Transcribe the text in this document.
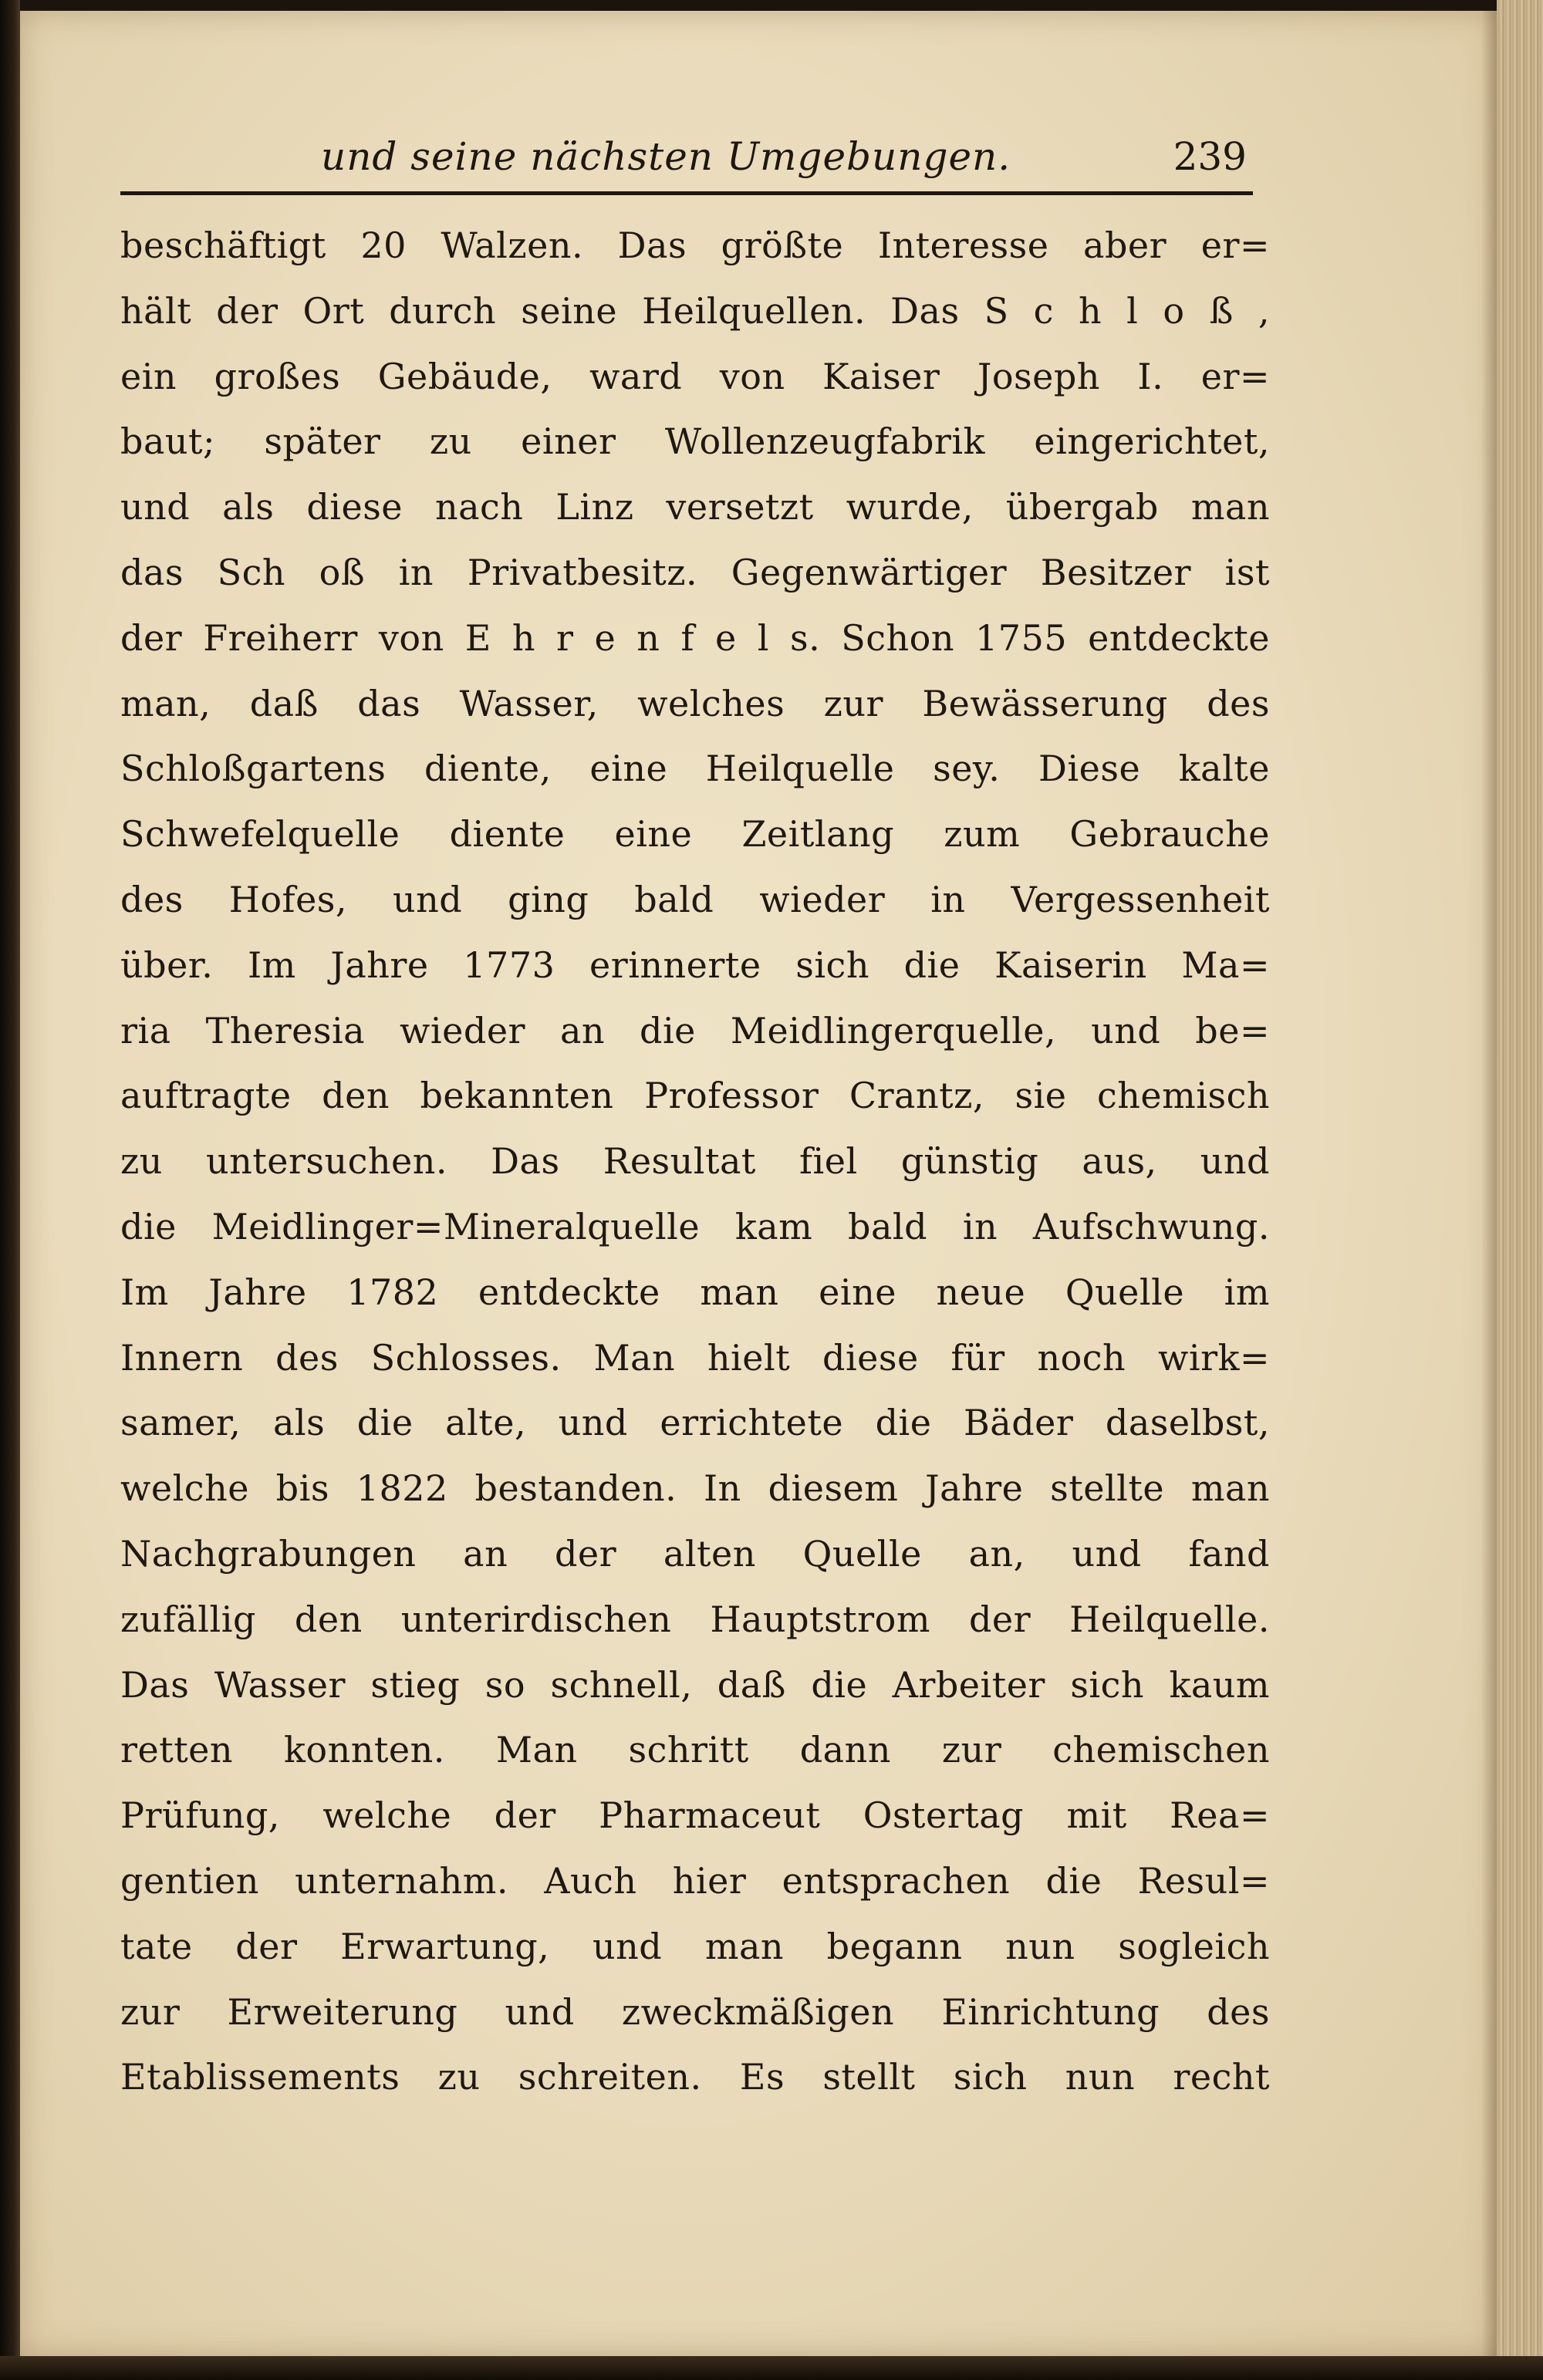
und seine nächsten Umgebungen.	239
beschäftigt 20 Walzen. Das größte Interesse aber er=
hält der Ort durch seine Heilquellen. Das S c h l o ß ,
ein großes Gebäude, ward von Kaiser Joseph I. er=
baut; später zu einer Wollenzeugfabrik eingerichtet,
und als diese nach Linz versetzt wurde, übergab man
das Sch oß in Privatbesitz. Gegenwärtiger Besitzer ist
der Freiherr von E h r e n f e l s. Schon 1755 entdeckte
man, daß das Wasser, welches zur Bewässerung des
Schloßgartens diente, eine Heilquelle sey. Diese kalte
Schwefelquelle diente eine Zeitlang zum Gebrauche
des Hofes, und ging bald wieder in Vergessenheit
über. Im Jahre 1773 erinnerte sich die Kaiserin Ma=
ria Theresia wieder an die Meidlingerquelle, und be=
auftragte den bekannten Professor Crantz, sie chemisch
zu untersuchen. Das Resultat fiel günstig aus, und
die Meidlinger=Mineralquelle kam bald in Aufschwung.
Im Jahre 1782 entdeckte man eine neue Quelle im
Innern des Schlosses. Man hielt diese für noch wirk=
samer, als die alte, und errichtete die Bäder daselbst,
welche bis 1822 bestanden. In diesem Jahre stellte man
Nachgrabungen an der alten Quelle an, und fand
zufällig den unterirdischen Hauptstrom der Heilquelle.
Das Wasser stieg so schnell, daß die Arbeiter sich kaum
retten konnten. Man schritt dann zur chemischen
Prüfung, welche der Pharmaceut Ostertag mit Rea=
gentien unternahm. Auch hier entsprachen die Resul=
tate der Erwartung, und man begann nun sogleich
zur Erweiterung und zweckmäßigen Einrichtung des
Etablissements zu schreiten. Es stellt sich nun recht
